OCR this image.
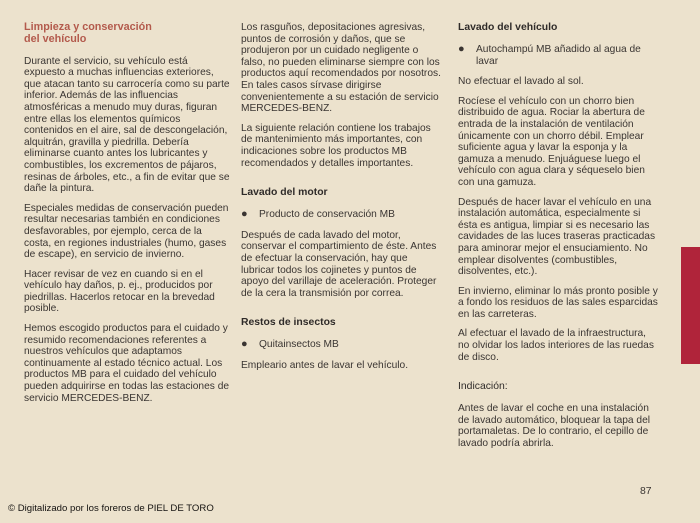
Limpieza y conservación
del vehículo

Durante el servicio, su vehículo está expuesto a muchas influencias exteriores, que atacan tanto su carrocería como su parte inferior. Además de las influencias atmosféricas a menudo muy duras, figuran entre ellas los elementos químicos contenidos en el aire, sal de descongelación, alquitrán, gravilla y piedrilla. Debería eliminarse cuanto antes los lubricantes y combustibles, los excrementos de pájaros, resinas de árboles, etc., a fin de evitar que se dañe la pintura.

Especiales medidas de conservación pueden resultar necesarias también en condiciones desfavorables, por ejemplo, cerca de la costa, en regiones industriales (humo, gases de escape), en servicio de invierno.

Hacer revisar de vez en cuando si en el vehículo hay daños, p. ej., producidos por piedrillas. Hacerlos retocar en la brevedad posible.

Hemos escogido productos para el cuidado y resumido recomendaciones referentes a nuestros vehículos que adaptamos continuamente al estado técnico actual. Los productos MB para el cuidado del vehículo pueden adquirirse en todas las estaciones de servicio MERCEDES-BENZ.

Los rasguños, depositaciones agresivas, puntos de corrosión y daños, que se produjeron por un cuidado negligente o falso, no pueden eliminarse siempre con los productos aquí recomendados por nosotros. En tales casos sírvase dirigirse convenientemente a su estación de servicio MERCEDES-BENZ.

La siguiente relación contiene los trabajos de mantenimiento más importantes, con indicaciones sobre los productos MB recomendados y detalles importantes.

Lavado del motor
●	Producto de conservación MB

Después de cada lavado del motor, conservar el compartimiento de éste. Antes de efectuar la conservación, hay que lubricar todos los cojinetes y puntos de apoyo del varillaje de aceleración. Proteger de la cera la transmisión por correa.

Restos de insectos
●	Quitainsectos MB

Empleario antes de lavar el vehículo.

Lavado del vehículo
●	Autochampú MB añadido al agua de lavar

No efectuar el lavado al sol.

Rocíese el vehículo con un chorro bien distribuido de agua. Rociar la abertura de entrada de la instalación de ventilación únicamente con un chorro débil. Emplear suficiente agua y lavar la esponja y la gamuza a menudo. Enjuáguese luego el vehículo con agua clara y séqueselo bien con una gamuza.

Después de hacer lavar el vehículo en una instalación automática, especialmente si ésta es antigua, limpiar si es necesario las cavidades de las luces traseras practicadas para aminorar mejor el ensuciamiento. No emplear disolventes (combustibles, disolventes, etc.).

En invierno, eliminar lo más pronto posible y a fondo los residuos de las sales esparcidas en las carreteras.

Al efectuar el lavado de la infraestructura, no olvidar los lados interiores de las ruedas de disco.

Indicación:

Antes de lavar el coche en una instalación de lavado automático, bloquear la tapa del portamaletas. De lo contrario, el cepillo de lavado podría abrirla.

87
© Digitalizado por los foreros de PIEL DE TORO
